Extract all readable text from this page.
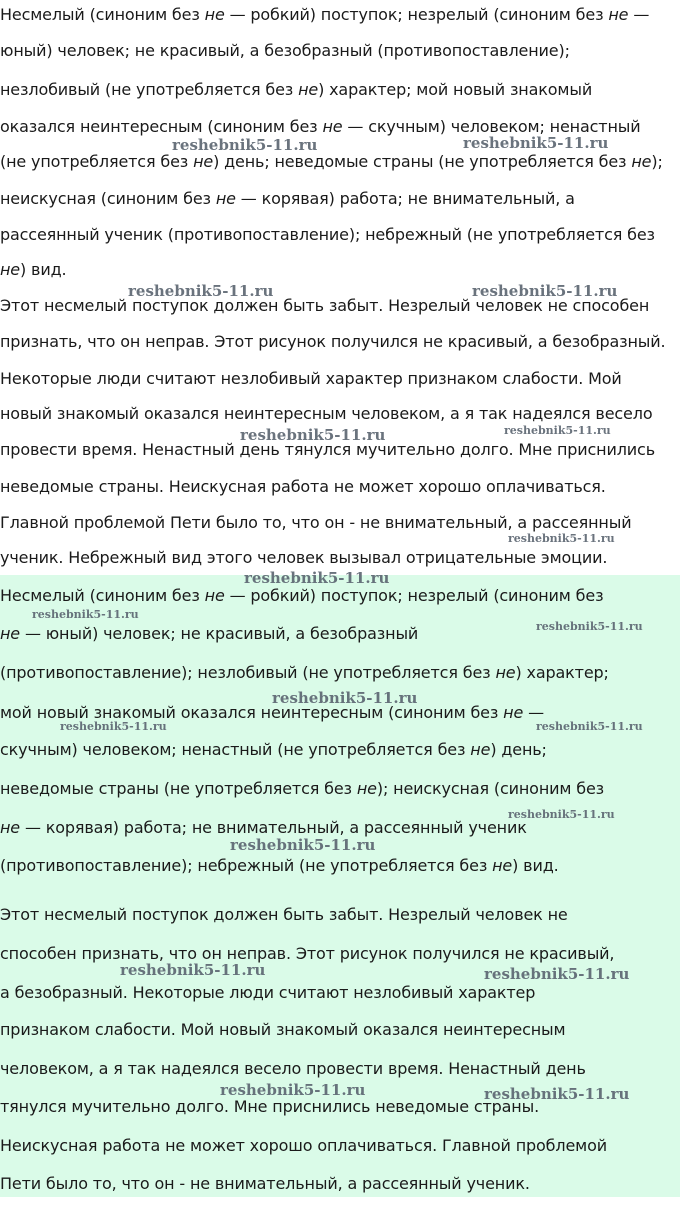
Несмелый (синоним без не — робкий) поступок; незрелый (синоним без не —
юный) человек; не красивый, а безобразный (противопоставление);
незлобивый (не употребляется без не) характер; мой новый знакомый
оказался неинтересным (синоним без не — скучным) человеком; ненастный
(не употребляется без не) день; неведомые страны (не употребляется без не);
неискусная (синоним без не — корявая) работа; не внимательный, а
рассеянный ученик (противопоставление); небрежный (не употребляется без
не) вид.
Этот несмелый поступок должен быть забыт. Незрелый человек не способен
признать, что он неправ. Этот рисунок получился не красивый, а безобразный.
Некоторые люди считают незлобивый характер признаком слабости. Мой
новый знакомый оказался неинтересным человеком, а я так надеялся весело
провести время. Ненастный день тянулся мучительно долго. Мне приснились
неведомые страны. Неискусная работа не может хорошо оплачиваться.
Главной проблемой Пети было то, что он - не внимательный, а рассеянный
ученик. Небрежный вид этого человек вызывал отрицательные эмоции.
Несмелый (синоним без не — робкий) поступок; незрелый (синоним без
не — юный) человек; не красивый, а безобразный
(противопоставление); незлобивый (не употребляется без не) характер;
мой новый знакомый оказался неинтересным (синоним без не —
скучным) человеком; ненастный (не употребляется без не) день;
неведомые страны (не употребляется без не); неискусная (синоним без
не — корявая) работа; не внимательный, а рассеянный ученик
(противопоставление); небрежный (не употребляется без не) вид.
Этот несмелый поступок должен быть забыт. Незрелый человек не
способен признать, что он неправ. Этот рисунок получился не красивый,
а безобразный. Некоторые люди считают незлобивый характер
признаком слабости. Мой новый знакомый оказался неинтересным
человеком, а я так надеялся весело провести время. Ненастный день
тянулся мучительно долго. Мне приснились неведомые страны.
Неискусная работа не может хорошо оплачиваться. Главной проблемой
Пети было то, что он - не внимательный, а рассеянный ученик.
reshebnik5-11.ru	reshebnik5-11.ru
reshebnik5-11.ru	reshebnik5-11.ru
reshebnik5-11.ru	reshebnik5-11.ru
reshebnik5-11.ru
reshebnik5-11.ru
reshebnik5-11.ru
reshebnik5-11.ru
reshebnik5-11.ru
reshebnik5-11.ru	reshebnik5-11.ru
reshebnik5-11.ru
reshebnik5-11.ru
reshebnik5-11.ru	reshebnik5-11.ru
reshebnik5-11.ru	reshebnik5-11.ru
